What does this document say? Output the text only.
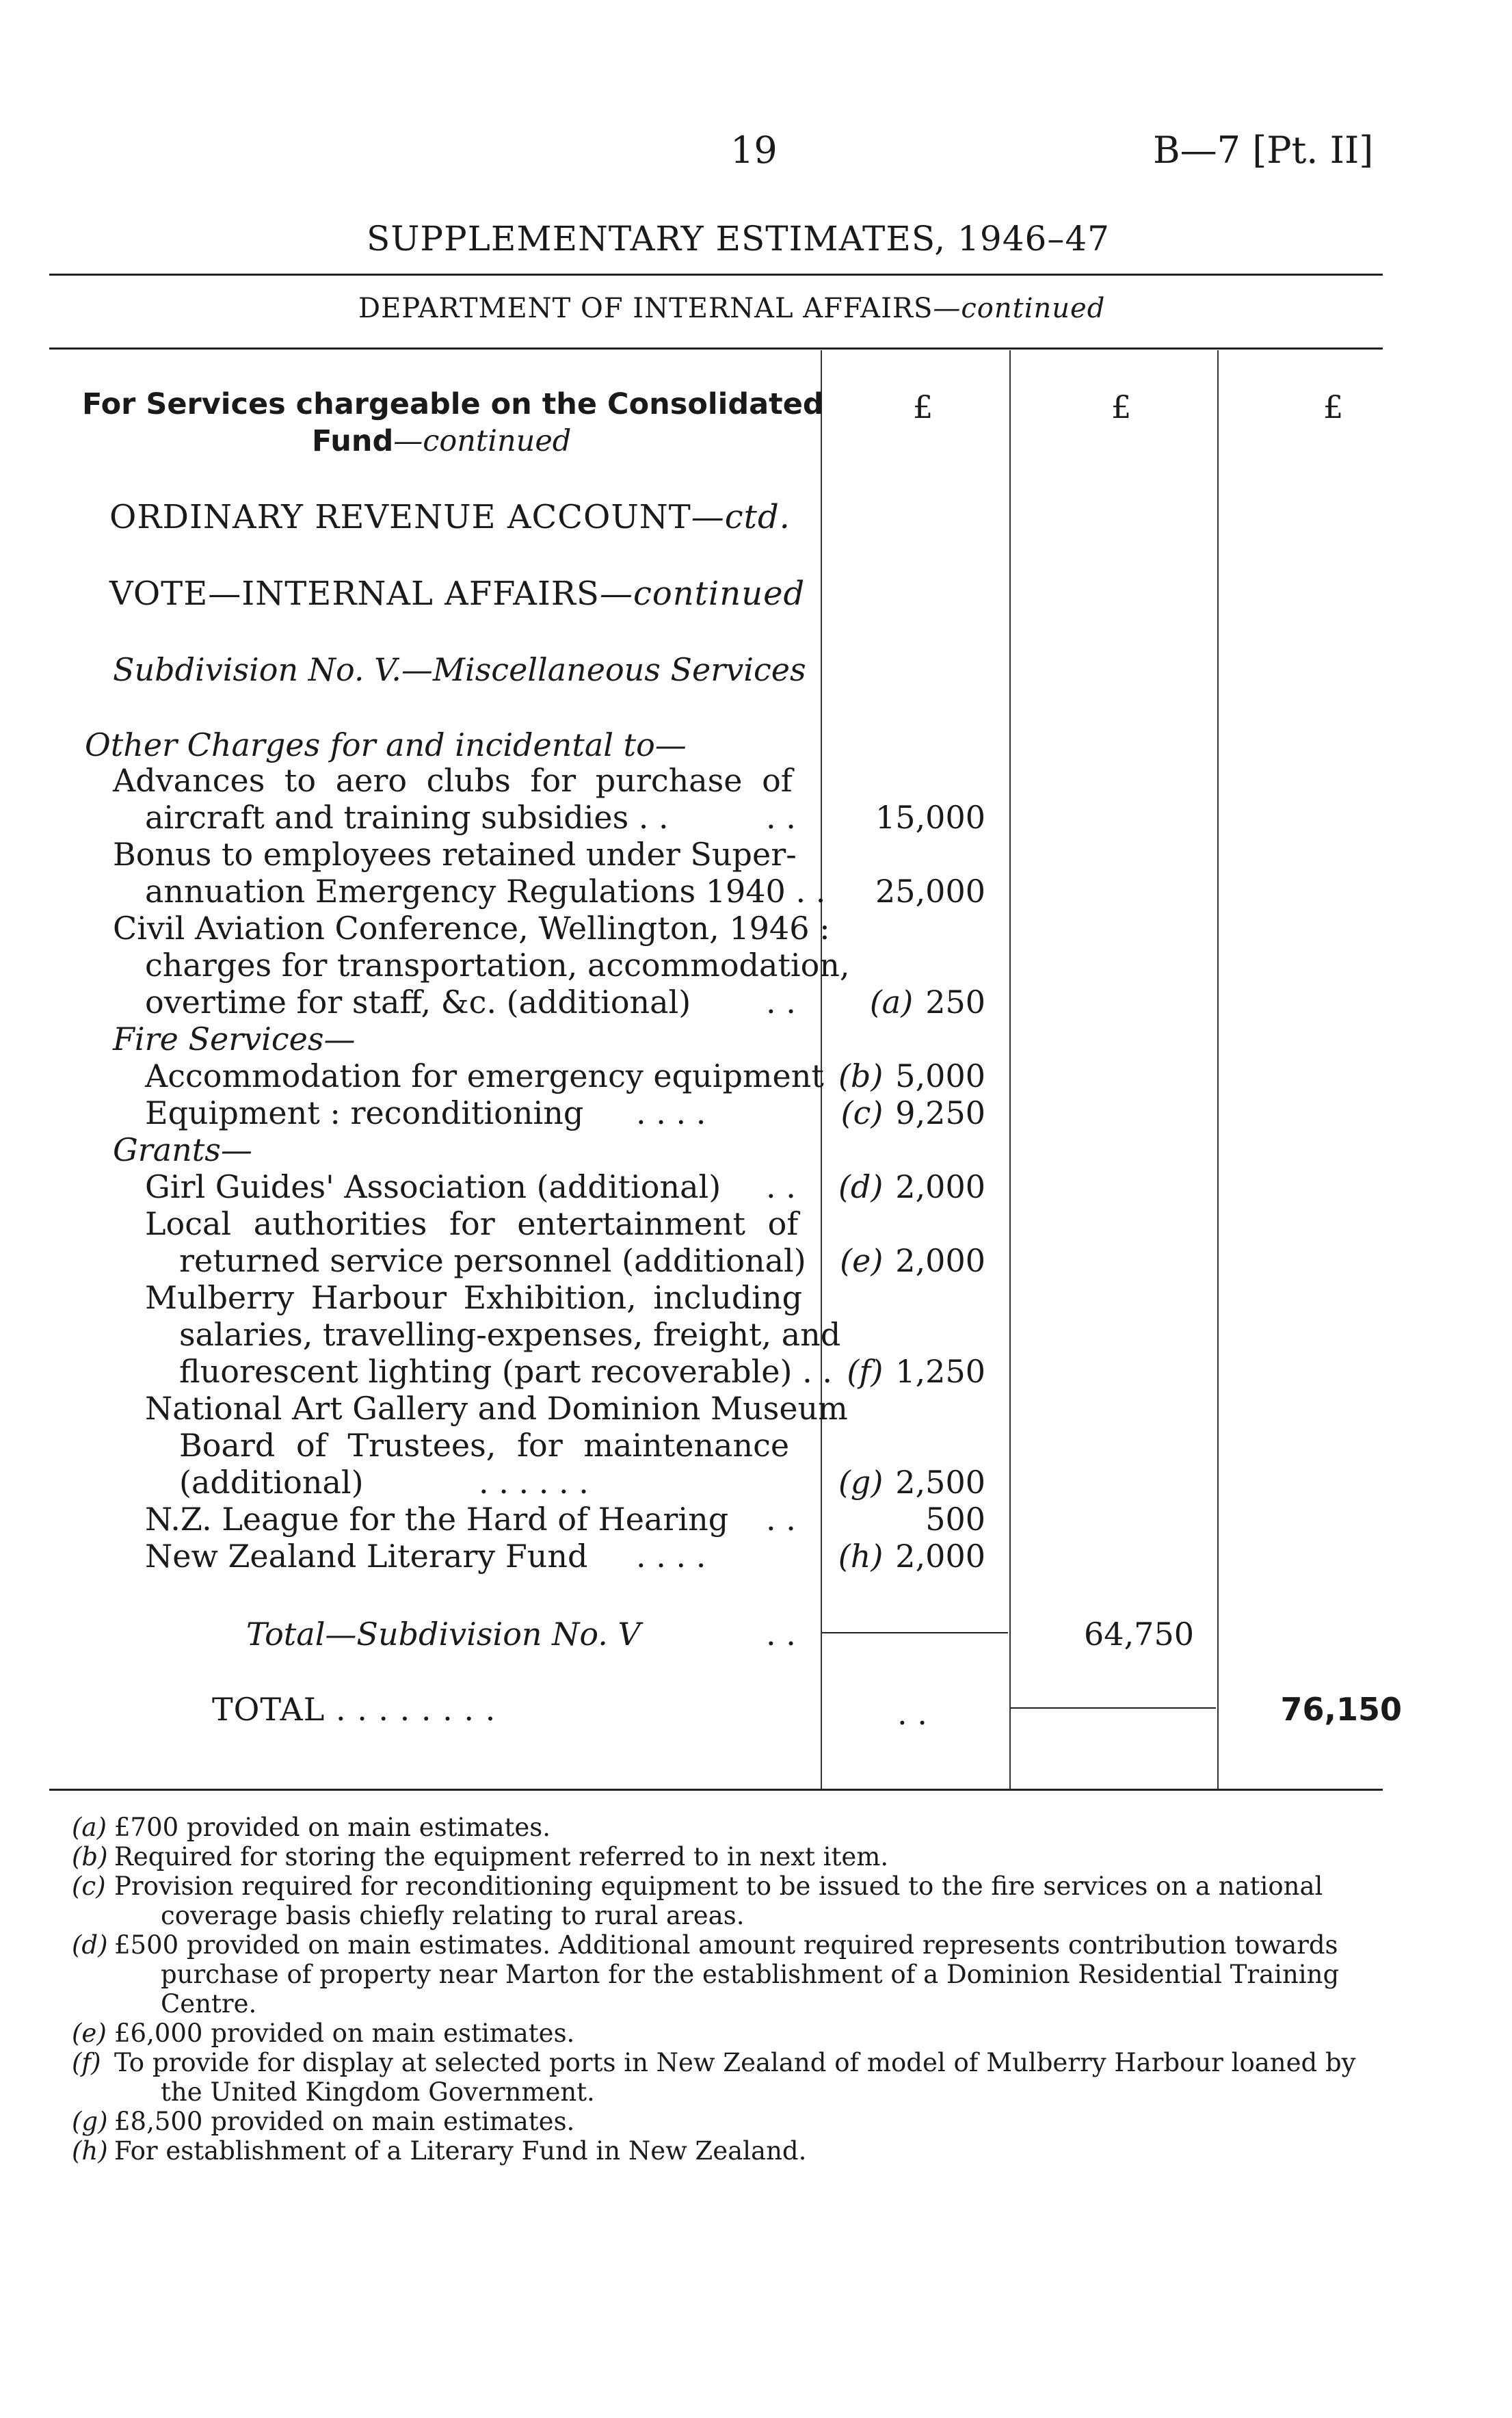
19	B—7 [Pt. II]
SUPPLEMENTARY ESTIMATES, 1946–47
DEPARTMENT OF INTERNAL AFFAIRS—continued
£	£	£
For Services chargeable on the Consolidated
Fund—continued
ORDINARY REVENUE ACCOUNT—ctd.
VOTE—INTERNAL AFFAIRS—continued
Subdivision No. V.—Miscellaneous Services
Other Charges for and incidental to—
Advances to aero clubs for purchase of
aircraft and training subsidies . .	. .	15,000
Bonus to employees retained under Super-
annuation Emergency Regulations 1940 . .	25,000
Civil Aviation Conference, Wellington, 1946 :
charges for transportation, accommodation,
overtime for staff, &c. (additional) . .	(a) 250
Fire Services—
Accommodation for emergency equipment (b) 5,000
Equipment : reconditioning . . . .	(c) 9,250
Grants—
Girl Guides' Association (additional) . .	(d) 2,000
Local authorities for entertainment of
returned service personnel (additional)	(e) 2,000
Mulberry Harbour Exhibition, including
salaries, travelling-expenses, freight, and
fluorescent lighting (part recoverable) . . (f) 1,250
National Art Gallery and Dominion Museum
Board of Trustees, for maintenance
(additional)	. . . . . .	(g) 2,500
N.Z. League for the Hard of Hearing . .	500
New Zealand Literary Fund . . . .	(h) 2,000
Total—Subdivision No. V	. .	64,750
TOTAL . . . . . . . .	. .	76,150
(a) £700 provided on main estimates.
(b) Required for storing the equipment referred to in next item.
(c) Provision required for reconditioning equipment to be issued to the fire services on a national
coverage basis chiefly relating to rural areas.
(d) £500 provided on main estimates. Additional amount required represents contribution towards
purchase of property near Marton for the establishment of a Dominion Residential Training Centre.
(e) £6,000 provided on main estimates.
(f) To provide for display at selected ports in New Zealand of model of Mulberry Harbour loaned by
the United Kingdom Government.
(g) £8,500 provided on main estimates.
(h) For establishment of a Literary Fund in New Zealand.
